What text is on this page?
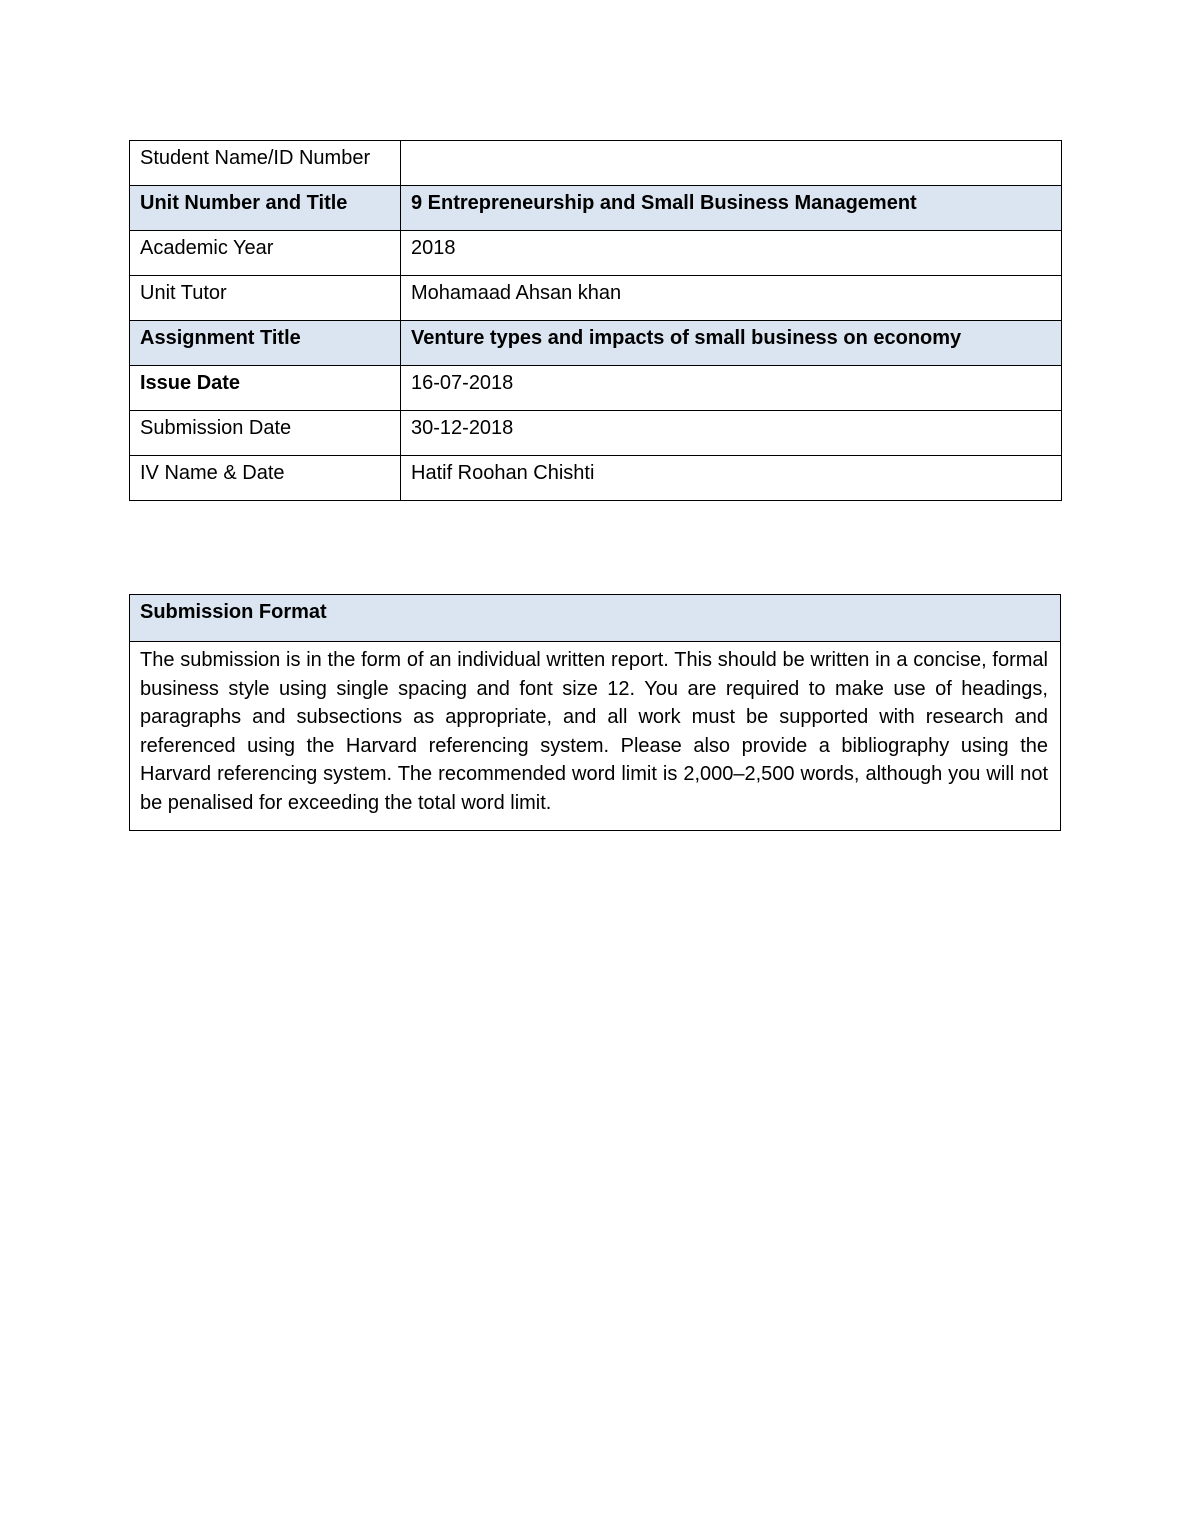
Student Name/ID Number	
Unit Number and Title	9 Entrepreneurship and Small Business Management
Academic Year	2018
Unit Tutor	Mohamaad Ahsan khan
Assignment Title	Venture types and impacts of small business on economy
Issue Date	16-07-2018
Submission Date	30-12-2018
IV Name & Date	Hatif Roohan Chishti
Submission Format
The submission is in the form of an individual written report. This should be written in a concise, formal business style using single spacing and font size 12. You are required to make use of headings, paragraphs and subsections as appropriate, and all work must be supported with research and referenced using the Harvard referencing system. Please also provide a bibliography using the Harvard referencing system. The recommended word limit is 2,000–2,500 words, although you will not be penalised for exceeding the total word limit.
